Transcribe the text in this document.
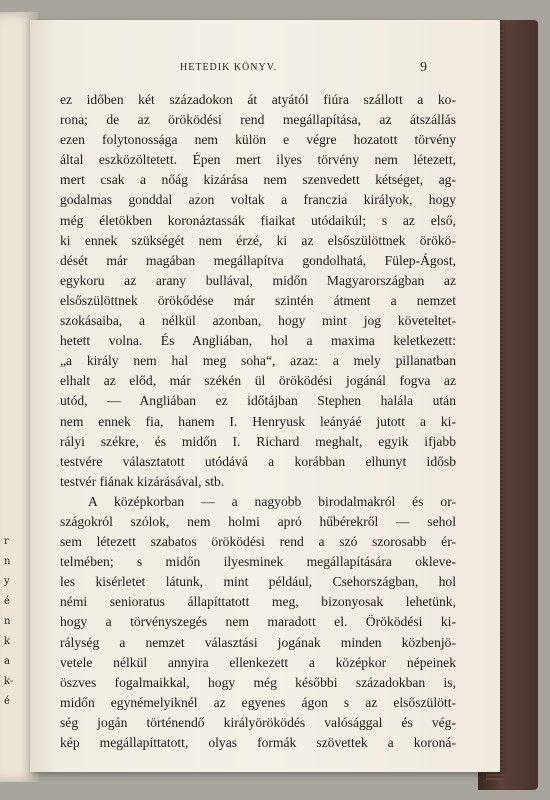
r
n
y
é
n
k
a
k-
é
HETEDIK KÖNYV.	9
ez időben két századokon át atyától fiúra szállott a ko-
rona; de az öröködési rend megállapítása, az átszállás
ezen folytonossága nem külön e végre hozatott törvény
által eszközöltetett. Épen mert ilyes törvény nem létezett,
mert csak a nőág kizárása nem szenvedett kétséget, ag-
godalmas gonddal azon voltak a franczia királyok, hogy
még életökben koronáztassák fiaikat utódaikúl; s az első,
ki ennek szükségét nem érzé, ki az elsőszülöttnek örökö-
dését már magában megállapítva gondolhatá, Fülep-Ágost,
egykoru az arany bullával, midőn Magyarországban az
elsőszülöttnek örökődése már szintén átment a nemzet
szokásaiba, a nélkül azonban, hogy mint jog követeltet-
hetett volna. És Angliában, hol a maxima keletkezett:
„a király nem hal meg soha“, azaz: a mely pillanatban
elhalt az előd, már székén ül öröködési jogánál fogva az
utód, — Angliában ez időtájban Stephen halála után
nem ennek fia, hanem I. Henryusk leányáé jutott a ki-
rályi székre, és midőn I. Richard meghalt, egyik ifjabb
testvére választatott utódává a korábban elhunyt idősb
testvér fiának kizárásával, stb.
A középkorban — a nagyobb birodalmakról és or-
szágokról szólok, nem holmi apró hűbérekről — sehol
sem létezett szabatos öröködési rend a szó szorosabb ér-
telmében; s midőn ilyesminek megállapítására okleve-
les kisérletet látunk, mint például, Csehországban, hol
némi senioratus állapíttatott meg, bizonyosak lehetünk,
hogy a törvényszegés nem maradott el. Öröködési ki-
rálység a nemzet választási jogának minden közbenjö-
vetele nélkül annyira ellenkezett a középkor népeinek
öszves fogalmaikkal, hogy még későbbi századokban is,
midőn egynémelyiknél az egyenes ágon s az elsőszülött-
ség jogán történendő királyöröködés valósággal és vég-
kép megállapíttatott, olyas formák szövettek a koroná-
